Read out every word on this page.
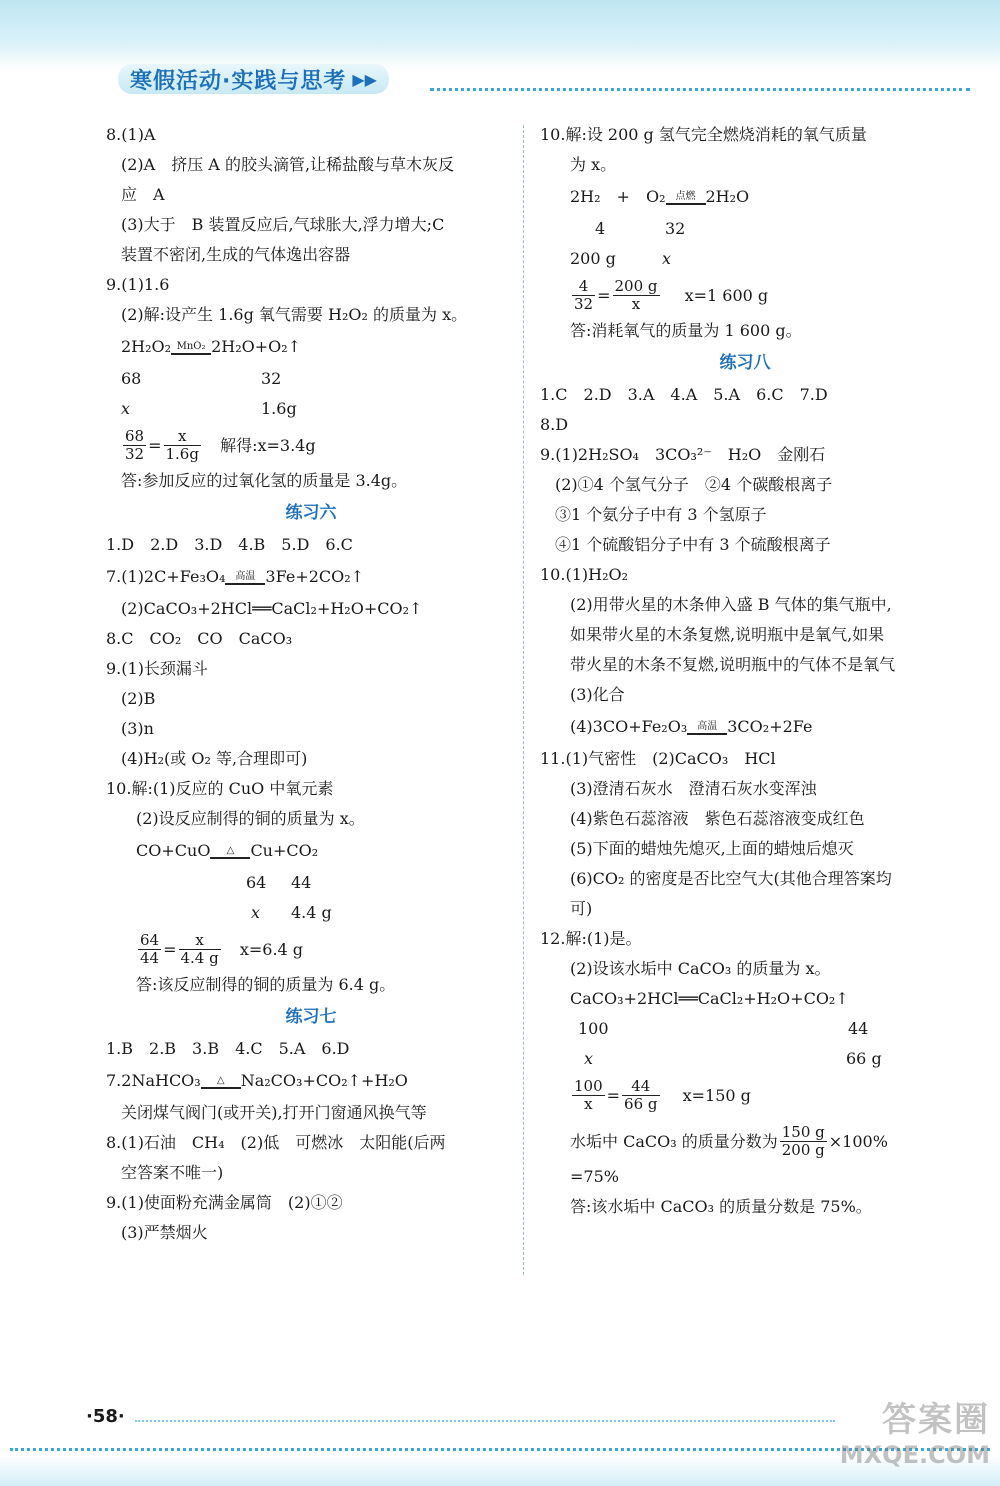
寒假活动·实践与思考 ▶▶
8.(1)A
(2)A　挤压 A 的胶头滴管,让稀盐酸与草木灰反
应　A
(3)大于　B 装置反应后,气球胀大,浮力增大;C
装置不密闭,生成的气体逸出容器
9.(1)1.6
(2)解:设产生 1.6g 氧气需要 H₂O₂ 的质量为 x。
2H₂O₂ MnO₂ 2H₂O+O₂↑
68	32
x	1.6g
$\frac{68}{32} = \frac{x}{1.6g}$ 解得:x=3.4g
答:参加反应的过氧化氢的质量是 3.4g。
练习六
1.D　2.D　3.D　4.B　5.D　6.C
7.(1)2C+Fe₃O₄	高温 3Fe+2CO₂↑
(2)CaCO₃+2HCl══CaCl₂+H₂O+CO₂↑
8.C　CO₂　CO　CaCO₃
9.(1)长颈漏斗
(2)B
(3)n
(4)H₂(或 O₂ 等,合理即可)
10.解:(1)反应的 CuO 中氧元素
(2)设反应制得的铜的质量为 x。
CO+CuO	△	Cu+CO₂
64 44
x 4.4 g
$\frac{64}{44} = \frac{x}{4.4 g} x=6.4$ g
答:该反应制得的铜的质量为 6.4 g。
练习七
1.B　2.B　3.B　4.C　5.A　6.D
7.2NaHCO₃	△	Na₂CO₃+CO₂↑+H₂O
关闭煤气阀门(或开关),打开门窗通风换气等
8.(1)石油　CH₄　(2)低　可燃冰　太阳能(后两
空答案不唯一)
9.(1)使面粉充满金属筒　(2)①②
(3)严禁烟火
10.解:设 200 g 氢气完全燃烧消耗的氧气质量
为 x。
2H₂　+　O₂	点燃 2H₂O
4	32
200 g	x
$\frac{4}{32} = \frac{200 g}{x} x=1$ 600 g
答:消耗氧气的质量为 1 600 g。
练习八
1.C　2.D　3.A　4.A　5.A　6.C　7.D
8.D
9.(1)2H₂SO₄　3CO₃²⁻　H₂O　金刚石
(2)①4 个氢气分子　②4 个碳酸根离子
③1 个氨分子中有 3 个氢原子
④1 个硫酸铝分子中有 3 个硫酸根离子
10.(1)H₂O₂
(2)用带火星的木条伸入盛 B 气体的集气瓶中,
如果带火星的木条复燃,说明瓶中是氧气,如果
带火星的木条不复燃,说明瓶中的气体不是氧气
(3)化合
(4)3CO+Fe₂O₃	高温 3CO₂+2Fe
11.(1)气密性　(2)CaCO₃　HCl
(3)澄清石灰水　澄清石灰水变浑浊
(4)紫色石蕊溶液　紫色石蕊溶液变成红色
(5)下面的蜡烛先熄灭,上面的蜡烛后熄灭
(6)CO₂ 的密度是否比空气大(其他合理答案均
可)
12.解:(1)是。
(2)设该水垢中 CaCO₃ 的质量为 x。
CaCO₃+2HCl══CaCl₂+H₂O+CO₂↑
100	44
x	66 g
$\frac{100}{x} = \frac{44}{66 g} x=150$ g
水垢中 CaCO₃ 的质量分数为 $\frac{150 g}{200 g} \times 100\%$
=75%
答:该水垢中 CaCO₃ 的质量分数是 75%。
·58·	答案圈
MXQE.COM
